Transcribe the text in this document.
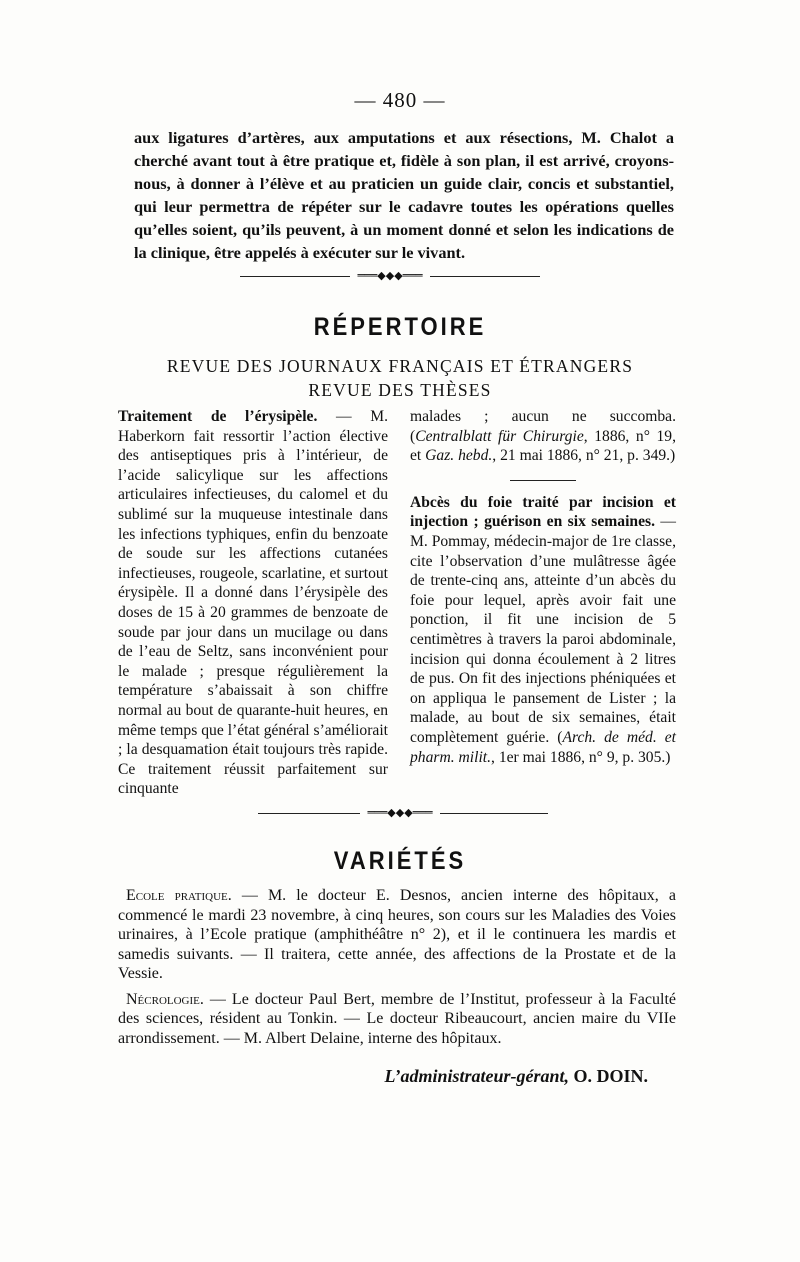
— 480 —

aux ligatures d’artères, aux amputations et aux résections, M. Chalot a cherché avant tout à être pratique et, fidèle à son plan, il est arrivé, croyons-nous, à donner à l’élève et au praticien un guide clair, concis et substantiel, qui leur permettra de répéter sur le cadavre toutes les opérations quelles qu’elles soient, qu’ils peuvent, à un moment donné et selon les indications de la clinique, être appelés à exécuter sur le vivant.

═══◆◆◆═══
RÉPERTOIRE
REVUE DES JOURNAUX FRANÇAIS ET ÉTRANGERS
REVUE DES THÈSES

Traitement de l’érysipèle. — M. Haberkorn fait ressortir l’action élective des antiseptiques pris à l’intérieur, de l’acide salicylique sur les affections articulaires infectieuses, du calomel et du sublimé sur la muqueuse intestinale dans les infections typhiques, enfin du benzoate de soude sur les affections cutanées infectieuses, rougeole, scarlatine, et surtout érysipèle. Il a donné dans l’érysipèle des doses de 15 à 20 grammes de benzoate de soude par jour dans un mucilage ou dans de l’eau de Seltz, sans inconvénient pour le malade ; presque régulièrement la température s’abaissait à son chiffre normal au bout de quarante-huit heures, en même temps que l’état général s’améliorait ; la desquamation était toujours très rapide. Ce traitement réussit parfaitement sur cinquante

malades ; aucun ne succomba. (Centralblatt für Chirurgie, 1886, n° 19, et Gaz. hebd., 21 mai 1886, n° 21, p. 349.)

Abcès du foie traité par incision et injection ; guérison en six semaines. — M. Pommay, médecin-major de 1re classe, cite l’observation d’une mulâtresse âgée de trente-cinq ans, atteinte d’un abcès du foie pour lequel, après avoir fait une ponction, il fit une incision de 5 centimètres à travers la paroi abdominale, incision qui donna écoulement à 2 litres de pus. On fit des injections phéniquées et on appliqua le pansement de Lister ; la malade, au bout de six semaines, était complètement guérie. (Arch. de méd. et pharm. milit., 1er mai 1886, n° 9, p. 305.)

═══◆◆◆═══
VARIÉTÉS

Ecole pratique. — M. le docteur E. Desnos, ancien interne des hôpitaux, a commencé le mardi 23 novembre, à cinq heures, son cours sur les Maladies des Voies urinaires, à l’Ecole pratique (amphithéâtre n° 2), et il le continuera les mardis et samedis suivants. — Il traitera, cette année, des affections de la Prostate et de la Vessie.

Nécrologie. — Le docteur Paul Bert, membre de l’Institut, professeur à la Faculté des sciences, résident au Tonkin. — Le docteur Ribeaucourt, ancien maire du VIIe arrondissement. — M. Albert Delaine, interne des hôpitaux.

L’administrateur-gérant, O. DOIN.
